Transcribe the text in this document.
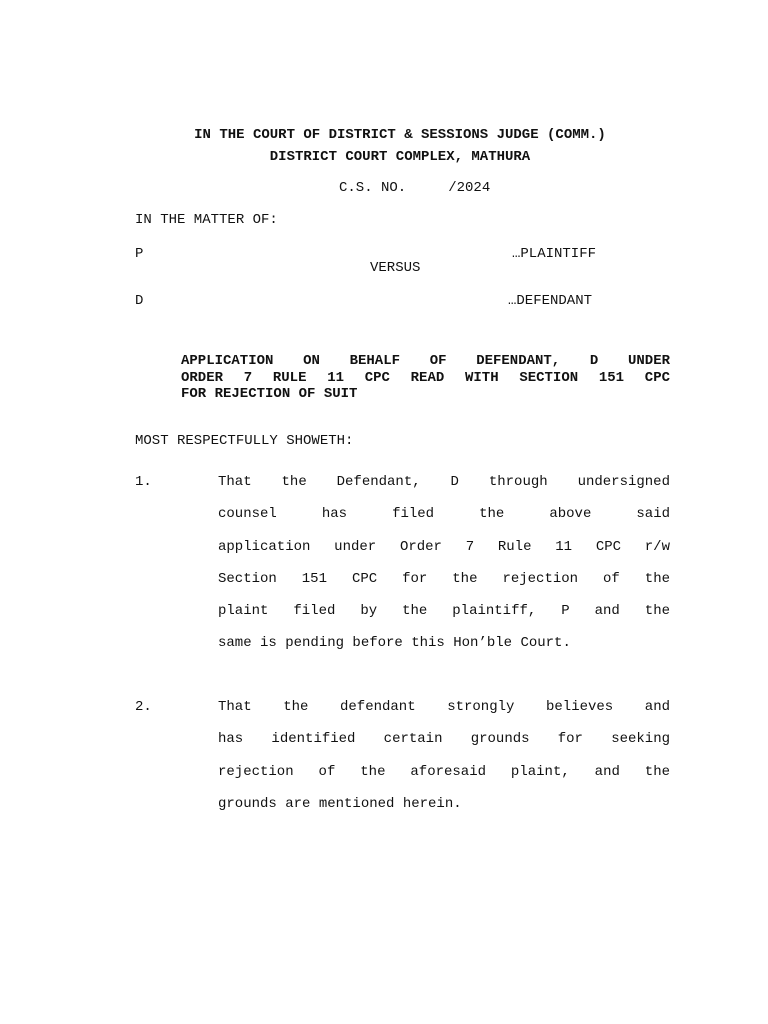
IN THE COURT OF DISTRICT & SESSIONS JUDGE (COMM.)
DISTRICT COURT COMPLEX, MATHURA
C.S. NO.     /2024
IN THE MATTER OF:
P	…PLAINTIFF
VERSUS
D	…DEFENDANT
APPLICATION ON BEHALF OF DEFENDANT, D UNDER
ORDER 7 RULE 11 CPC READ WITH SECTION 151 CPC
FOR REJECTION OF SUIT
MOST RESPECTFULLY SHOWETH:
1.	That the Defendant, D through undersigned
counsel has filed the above said
application under Order 7 Rule 11 CPC r/w
Section 151 CPC for the rejection of the
plaint filed by the plaintiff, P and the
same is pending before this Hon’ble Court.
2.	That the defendant strongly believes and
has identified certain grounds for seeking
rejection of the aforesaid plaint, and the
grounds are mentioned herein.
